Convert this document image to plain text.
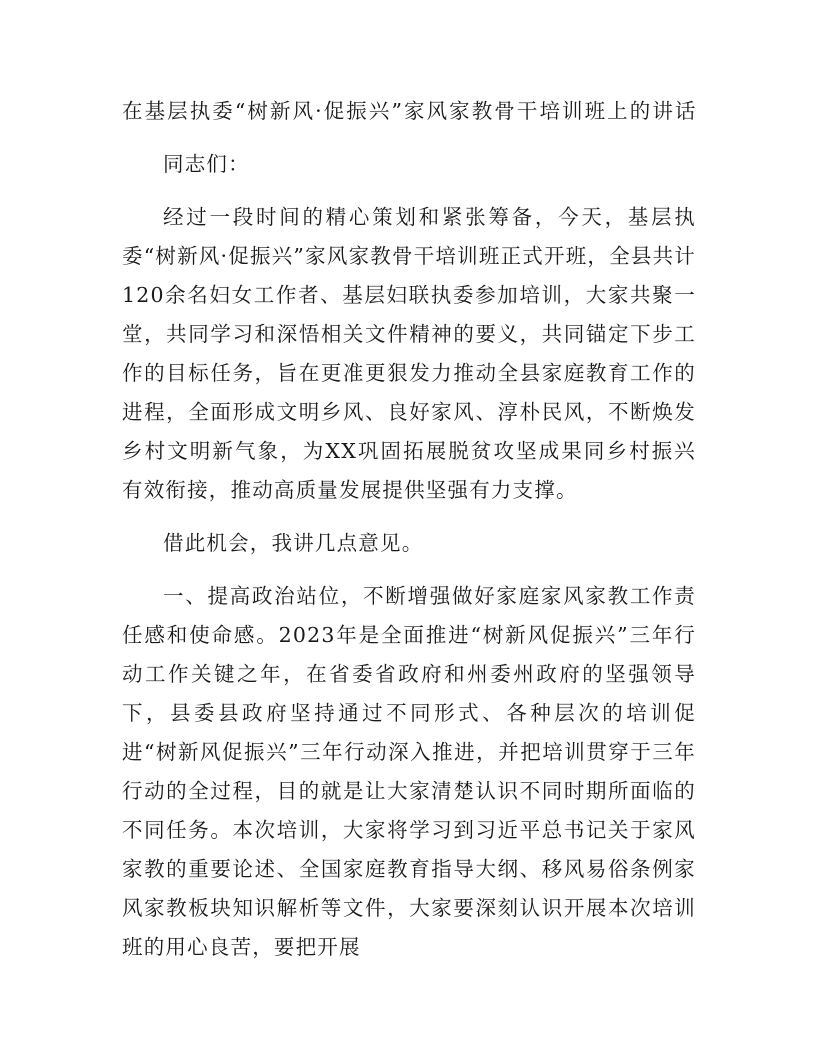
在基层执委“树新风·促振兴”家风家教骨干培训班上的讲话

同志们：

经过一段时间的精心策划和紧张筹备，今天，基层执委“树新风·促振兴”家风家教骨干培训班正式开班，全县共计120余名妇女工作者、基层妇联执委参加培训，大家共聚一堂，共同学习和深悟相关文件精神的要义，共同锚定下步工作的目标任务，旨在更准更狠发力推动全县家庭教育工作的进程，全面形成文明乡风、良好家风、淳朴民风，不断焕发乡村文明新气象，为XX巩固拓展脱贫攻坚成果同乡村振兴有效衔接，推动高质量发展提供坚强有力支撑。

借此机会，我讲几点意见。

一、提高政治站位，不断增强做好家庭家风家教工作责任感和使命感。2023年是全面推进“树新风促振兴”三年行动工作关键之年，在省委省政府和州委州政府的坚强领导下，县委县政府坚持通过不同形式、各种层次的培训促进“树新风促振兴”三年行动深入推进，并把培训贯穿于三年行动的全过程，目的就是让大家清楚认识不同时期所面临的不同任务。本次培训，大家将学习到习近平总书记关于家风家教的重要论述、全国家庭教育指导大纲、移风易俗条例家风家教板块知识解析等文件，大家要深刻认识开展本次培训班的用心良苦，要把开展
